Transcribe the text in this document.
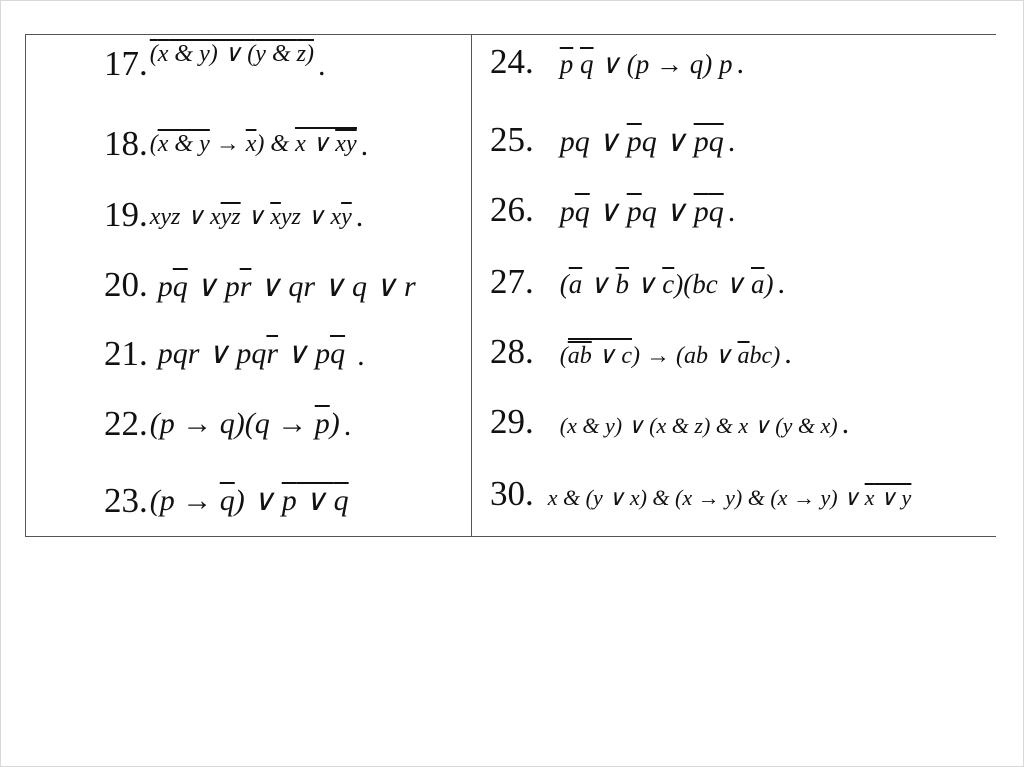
17. (x & y) ∨ (y & z) .
18. (x & $y \to \overline{x}$) &
x ∨ xy .
19. xyz ∨ $x\overline{yz}$ ∨ $\overline{x}yz$ ∨ $x\overline{y}$ .
20. $p\overline{q}$ ∨ $p\overline{r}$ ∨ qr ∨ q ∨ r
21. pqr ∨ $pq\overline{r}$ ∨ $p\overline{q}$ .
22. $(p \to q)(q \to \overline{p})$ .
23. $(p \to \overline{q})$ ∨ p ∨ q
24. $\overline{p}$ $\overline{q}$ ∨ (p → q) p .
25. pq ∨ $\overline{p}q$ ∨ $\overline{pq}$ .
26. $p\overline{q}$ ∨ $\overline{p}q$ ∨ $\overline{p}\overline{q}$ .
27. ($\overline{a}$ ∨ $\overline{b}$ ∨ $\overline{c})(bc$ ∨ $\overline{a}$) .
28. (
$\overline{ab}$ ∨ c) → (ab ∨ $\overline{a}bc$) .
29. (x & y) ∨ (x & z) & x ∨ (y & x) .
30. x & (y ∨ x) & (x → y) & (x → y) ∨ x ∨ y
